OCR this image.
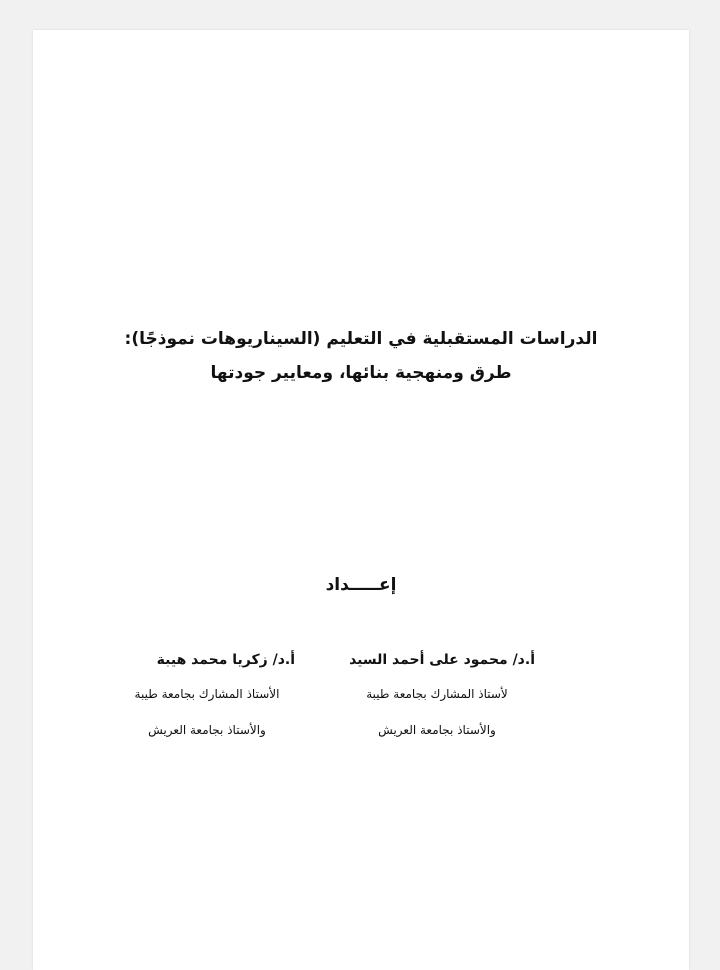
الدراسات المستقبلية في التعليم (السيناريوهات نموذجًا):
طرق ومنهجية بنائها، ومعايير جودتها
إعـــــداد
أ.د/ محمود على أحمد السيد
لأستاذ المشارك بجامعة طيبة
والأستاذ بجامعة العريش
أ.د/ زكريا محمد هيبة
الأستاذ المشارك بجامعة طيبة
والأستاذ بجامعة العريش
